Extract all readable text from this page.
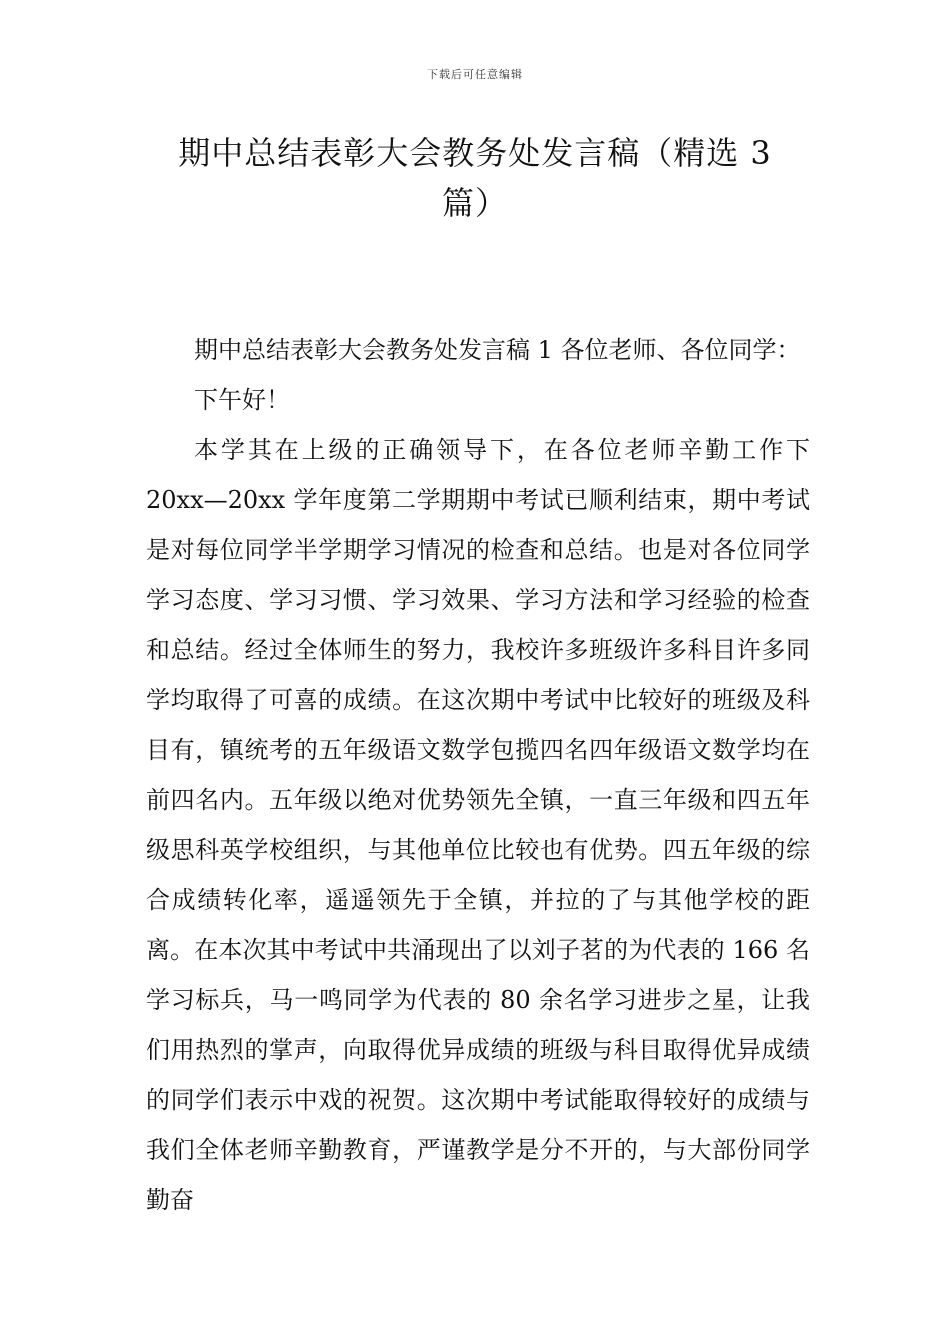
下载后可任意编辑
期中总结表彰大会教务处发言稿（精选 3 篇）

期中总结表彰大会教务处发言稿 1 各位老师、各位同学：

下午好！

本学其在上级的正确领导下，在各位老师辛勤工作下 20xx—20xx 学年度第二学期期中考试已顺利结束，期中考试是对每位同学半学期学习情况的检查和总结。也是对各位同学学习态度、学习习惯、学习效果、学习方法和学习经验的检查和总结。经过全体师生的努力，我校许多班级许多科目许多同学均取得了可喜的成绩。在这次期中考试中比较好的班级及科目有，镇统考的五年级语文数学包揽四名四年级语文数学均在前四名内。五年级以绝对优势领先全镇，一直三年级和四五年级思科英学校组织，与其他单位比较也有优势。四五年级的综合成绩转化率，遥遥领先于全镇，并拉的了与其他学校的距离。在本次其中考试中共涌现出了以刘子茗的为代表的 166 名学习标兵，马一鸣同学为代表的 80 余名学习进步之星，让我们用热烈的掌声，向取得优异成绩的班级与科目取得优异成绩的同学们表示中戏的祝贺。这次期中考试能取得较好的成绩与我们全体老师辛勤教育，严谨教学是分不开的，与大部份同学勤奋
